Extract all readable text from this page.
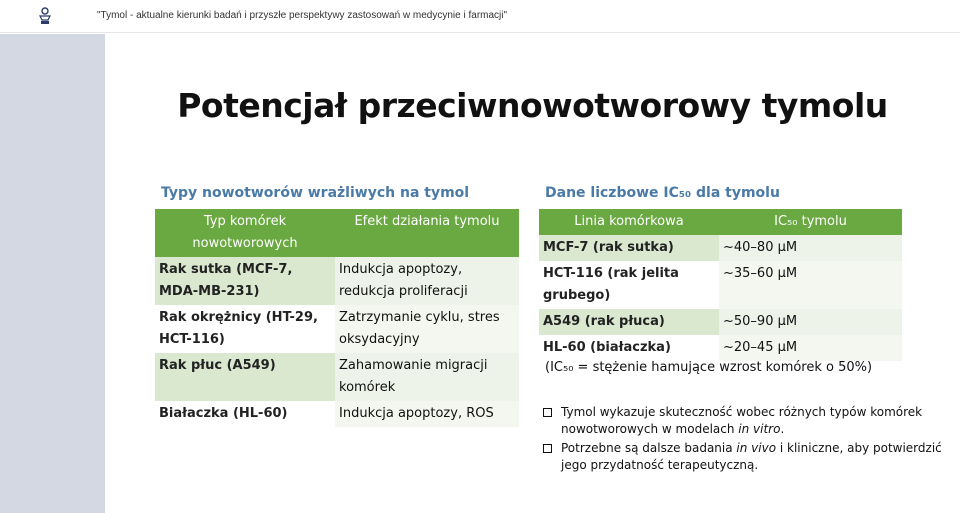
"Tymol - aktualne kierunki badań i przyszłe perspektywy zastosowań w medycynie i farmacji"
Potencjał przeciwnowotworowy tymolu
Typy nowotworów wrażliwych na tymol
Typ komórek nowotworowych	Efekt działania tymolu
Rak sutka (MCF-7, MDA-MB-231)	Indukcja apoptozy, redukcja proliferacji
Rak okrężnicy (HT-29, HCT-116)	Zatrzymanie cyklu, stres oksydacyjny
Rak płuc (A549)	Zahamowanie migracji komórek
Białaczka (HL-60)	Indukcja apoptozy, ROS
Dane liczbowe IC₅₀ dla tymolu
Linia komórkowa	IC₅₀ tymolu
MCF-7 (rak sutka)	~40–80 µM
HCT-116 (rak jelita grubego)	~35–60 µM
A549 (rak płuca)	~50–90 µM
HL-60 (białaczka)	~20–45 µM
(IC₅₀ = stężenie hamujące wzrost komórek o 50%)
Tymol wykazuje skuteczność wobec różnych typów komórek nowotworowych w modelach in vitro.
Potrzebne są dalsze badania in vivo i kliniczne, aby potwierdzić jego przydatność terapeutyczną.
